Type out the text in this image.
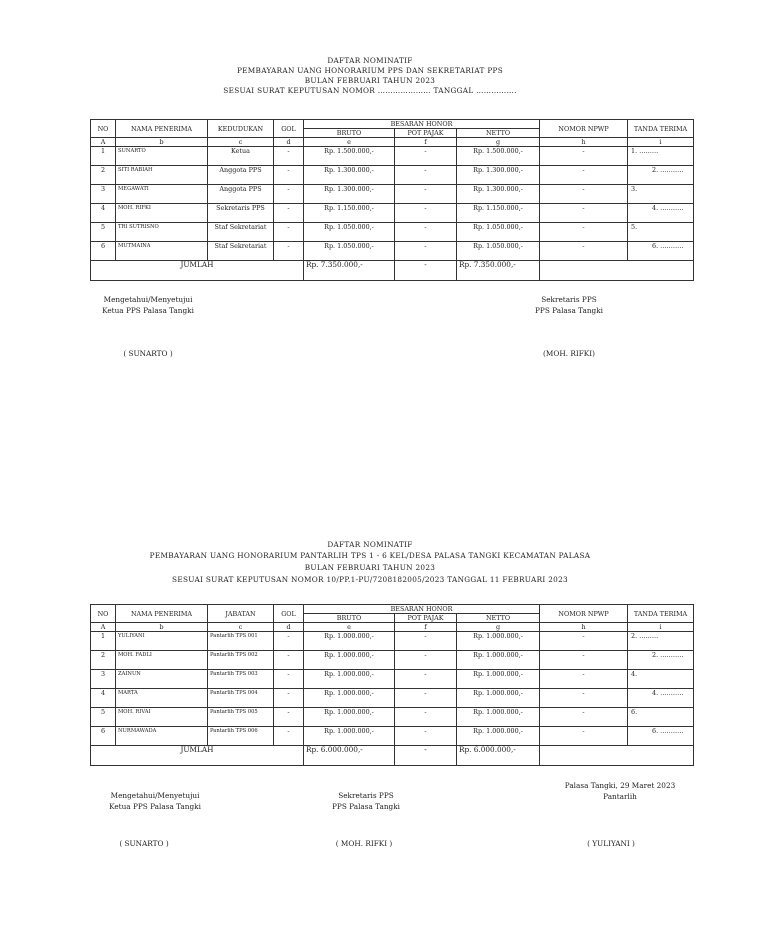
DAFTAR NOMINATIF
PEMBAYARAN UANG HONORARIUM PPS DAN SEKRETARIAT PPS
BULAN FEBRUARI TAHUN 2023
SESUAI SURAT KEPUTUSAN NOMOR ………………… TANGGAL …………….
NO	NAMA PENERIMA	KEDUDUKAN	GOL	BESARAN HONOR			NOMOR NPWP	TANDA TERIMA
				BRUTO	POT PAJAK	NETTO		
A	b	c	d	e	f	g	h	i
1	SUNARTO	Ketua	-	Rp. 1.500.000,-	-	Rp. 1.500.000,-	-	1. ………
2	SITI RABIAH	Anggota PPS	-	Rp. 1.300.000,-	-	Rp. 1.300.000,-	-	2. ………..
3	MEGAWATI	Anggota PPS	-	Rp. 1.300.000,-	-	Rp. 1.300.000,-	-	3.
4	MOH. RIFKI	Sekretaris PPS	-	Rp. 1.150.000,-	-	Rp. 1.150.000,-	-	4. ………..
5	TRI SUTRISNO	Staf Sekretariat	-	Rp. 1.050.000,-	-	Rp. 1.050.000,-	-	5.
6	MUTMAINA	Staf Sekretariat	-	Rp. 1.050.000,-	-	Rp. 1.050.000,-	-	6. ………..
JUMLAH				Rp. 7.350.000,-	-	Rp. 7.350.000,-		
Mengetahui/Menyetujui
Ketua PPS Palasa Tangki
( SUNARTO )
Sekretaris PPS
PPS Palasa Tangki
(MOH. RIFKI)
DAFTAR NOMINATIF
PEMBAYARAN UANG HONORARIUM PANTARLIH TPS 1 - 6 KEL/DESA PALASA TANGKI KECAMATAN PALASA
BULAN FEBRUARI TAHUN 2023
SESUAI SURAT KEPUTUSAN NOMOR 10/PP.1-PU/7208182005/2023 TANGGAL 11 FEBRUARI 2023
NO	NAMA PENERIMA	JABATAN	GOL	BESARAN HONOR			NOMOR NPWP	TANDA TERIMA
				BRUTO	POT PAJAK	NETTO		
A	b	c	d	e	f	g	h	i
1	YULIYANI	Pantarlih TPS 001	-	Rp. 1.000.000,-	-	Rp. 1.000.000,-	-	2. ………
2	MOH. FADLI	Pantarlih TPS 002	-	Rp. 1.000.000,-	-	Rp. 1.000.000,-	-	2. ………..
3	ZAINUN	Pantarlih TPS 003	-	Rp. 1.000.000,-	-	Rp. 1.000.000,-	-	4.
4	MARTA	Pantarlih TPS 004	-	Rp. 1.000.000,-	-	Rp. 1.000.000,-	-	4. ………..
5	MOH. RIVAI	Pantarlih TPS 005	-	Rp. 1.000.000,-	-	Rp. 1.000.000,-	-	6.
6	NURMAWADA	Pantarlih TPS 006	-	Rp. 1.000.000,-	-	Rp. 1.000.000,-	-	6. ………..
JUMLAH				Rp. 6.000.000,-	-	Rp. 6.000.000,-		
Palasa Tangki, 29 Maret 2023
Pantarlih
Mengetahui/Menyetujui
Ketua PPS Palasa Tangki
( SUNARTO )
Sekretaris PPS
PPS Palasa Tangki
( MOH. RIFKI )	( YULIYANI )
